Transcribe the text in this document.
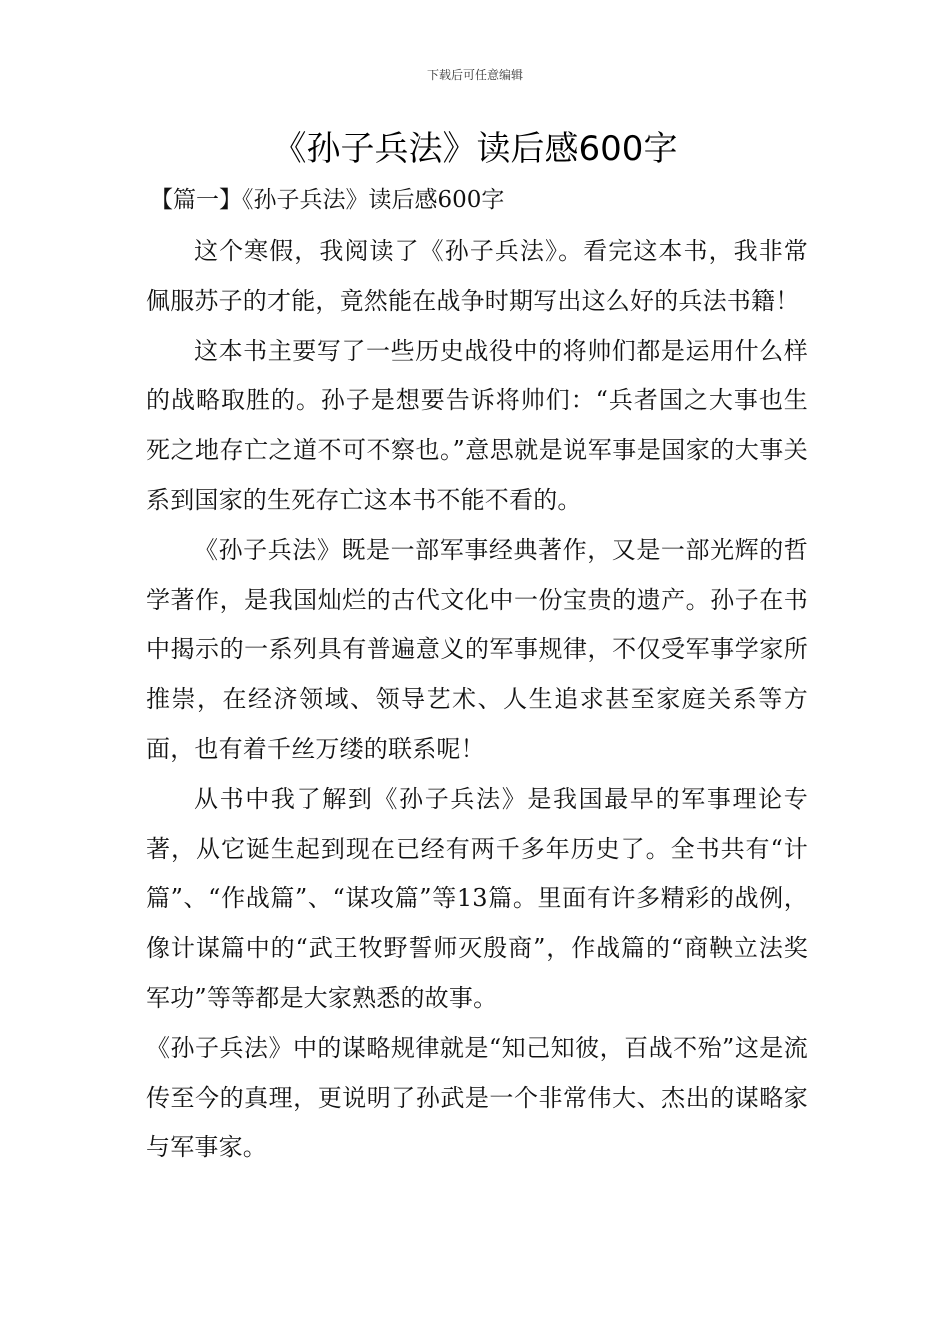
下载后可任意编辑
《孙子兵法》读后感600字
【篇一】《孙子兵法》读后感600字

这个寒假，我阅读了《孙子兵法》。看完这本书，我非常佩服苏子的才能，竟然能在战争时期写出这么好的兵法书籍！

这本书主要写了一些历史战役中的将帅们都是运用什么样的战略取胜的。孙子是想要告诉将帅们：“兵者国之大事也生死之地存亡之道不可不察也。”意思就是说军事是国家的大事关系到国家的生死存亡这本书不能不看的。

《孙子兵法》既是一部军事经典著作，又是一部光辉的哲学著作，是我国灿烂的古代文化中一份宝贵的遗产。孙子在书中揭示的一系列具有普遍意义的军事规律，不仅受军事学家所推崇，在经济领域、领导艺术、人生追求甚至家庭关系等方面，也有着千丝万缕的联系呢！

从书中我了解到《孙子兵法》是我国最早的军事理论专著，从它诞生起到现在已经有两千多年历史了。全书共有“计篇”、“作战篇”、“谋攻篇”等13篇。里面有许多精彩的战例，像计谋篇中的“武王牧野誓师灭殷商”，作战篇的“商鞅立法奖军功”等等都是大家熟悉的故事。

《孙子兵法》中的谋略规律就是“知己知彼，百战不殆”这是流传至今的真理，更说明了孙武是一个非常伟大、杰出的谋略家与军事家。
